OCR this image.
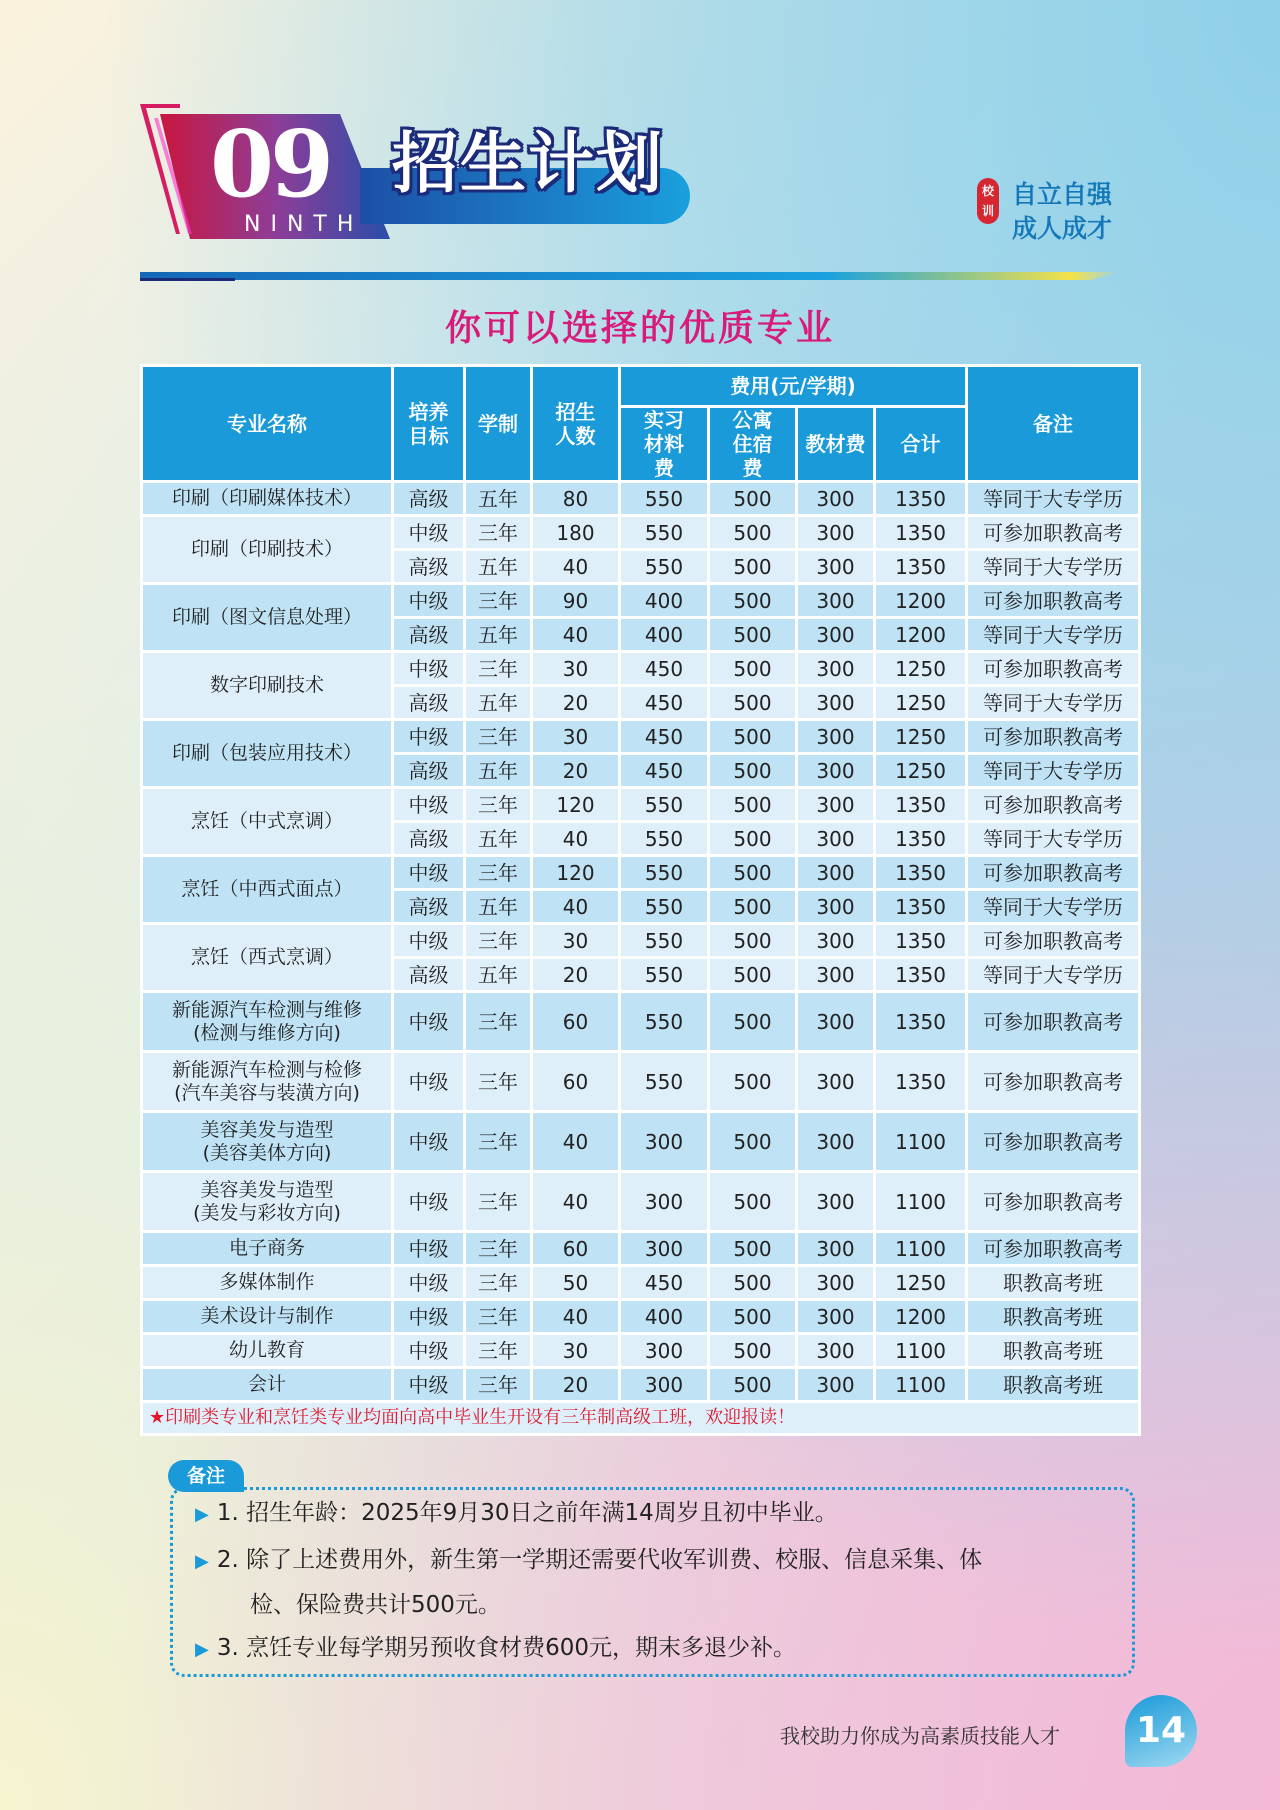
09
NINTH
招生计划	校训
自立自强
成人成才
你可以选择的优质专业
专业名称	培养目标	学制	招生人数	费用(元/学期)				备注
				实习材料费	公寓住宿费	教材费	合计	

印刷（印刷媒体技术）	高级	五年	80	550	500	300	1350	等同于大专学历

印刷（印刷技术）	中级	三年	180	550	500	300	1350	可参加职教高考
	高级	五年	40	550	500	300	1350	等同于大专学历

印刷（图文信息处理）	中级	三年	90	400	500	300	1200	可参加职教高考
	高级	五年	40	400	500	300	1200	等同于大专学历

数字印刷技术	中级	三年	30	450	500	300	1250	可参加职教高考
	高级	五年	20	450	500	300	1250	等同于大专学历

印刷（包装应用技术）	中级	三年	30	450	500	300	1250	可参加职教高考
	高级	五年	20	450	500	300	1250	等同于大专学历

烹饪（中式烹调）	中级	三年	120	550	500	300	1350	可参加职教高考
	高级	五年	40	550	500	300	1350	等同于大专学历

烹饪（中西式面点）	中级	三年	120	550	500	300	1350	可参加职教高考
	高级	五年	40	550	500	300	1350	等同于大专学历

烹饪（西式烹调）	中级	三年	30	550	500	300	1350	可参加职教高考
	高级	五年	20	550	500	300	1350	等同于大专学历

新能源汽车检测与维修
(检测与维修方向)	中级	三年	60	550	500	300	1350	可参加职教高考

新能源汽车检测与检修
(汽车美容与装潢方向)	中级	三年	60	550	500	300	1350	可参加职教高考

美容美发与造型
(美容美体方向)	中级	三年	40	300	500	300	1100	可参加职教高考

美容美发与造型
(美发与彩妆方向)	中级	三年	40	300	500	300	1100	可参加职教高考

电子商务	中级	三年	60	300	500	300	1100	可参加职教高考

多媒体制作	中级	三年	50	450	500	300	1250	职教高考班

美术设计与制作	中级	三年	40	400	500	300	1200	职教高考班

幼儿教育	中级	三年	30	300	500	300	1100	职教高考班

会计	中级	三年	20	300	500	300	1100	职教高考班
★印刷类专业和烹饪类专业均面向高中毕业生开设有三年制高级工班，欢迎报读！								
备注
▶ 1. 招生年龄：2025年9月30日之前年满14周岁且初中毕业。
▶ 2. 除了上述费用外，新生第一学期还需要代收军训费、校服、信息采集、体
检、保险费共计500元。
▶ 3. 烹饪专业每学期另预收食材费600元，期末多退少补。
我校助力你成为高素质技能人才	14
